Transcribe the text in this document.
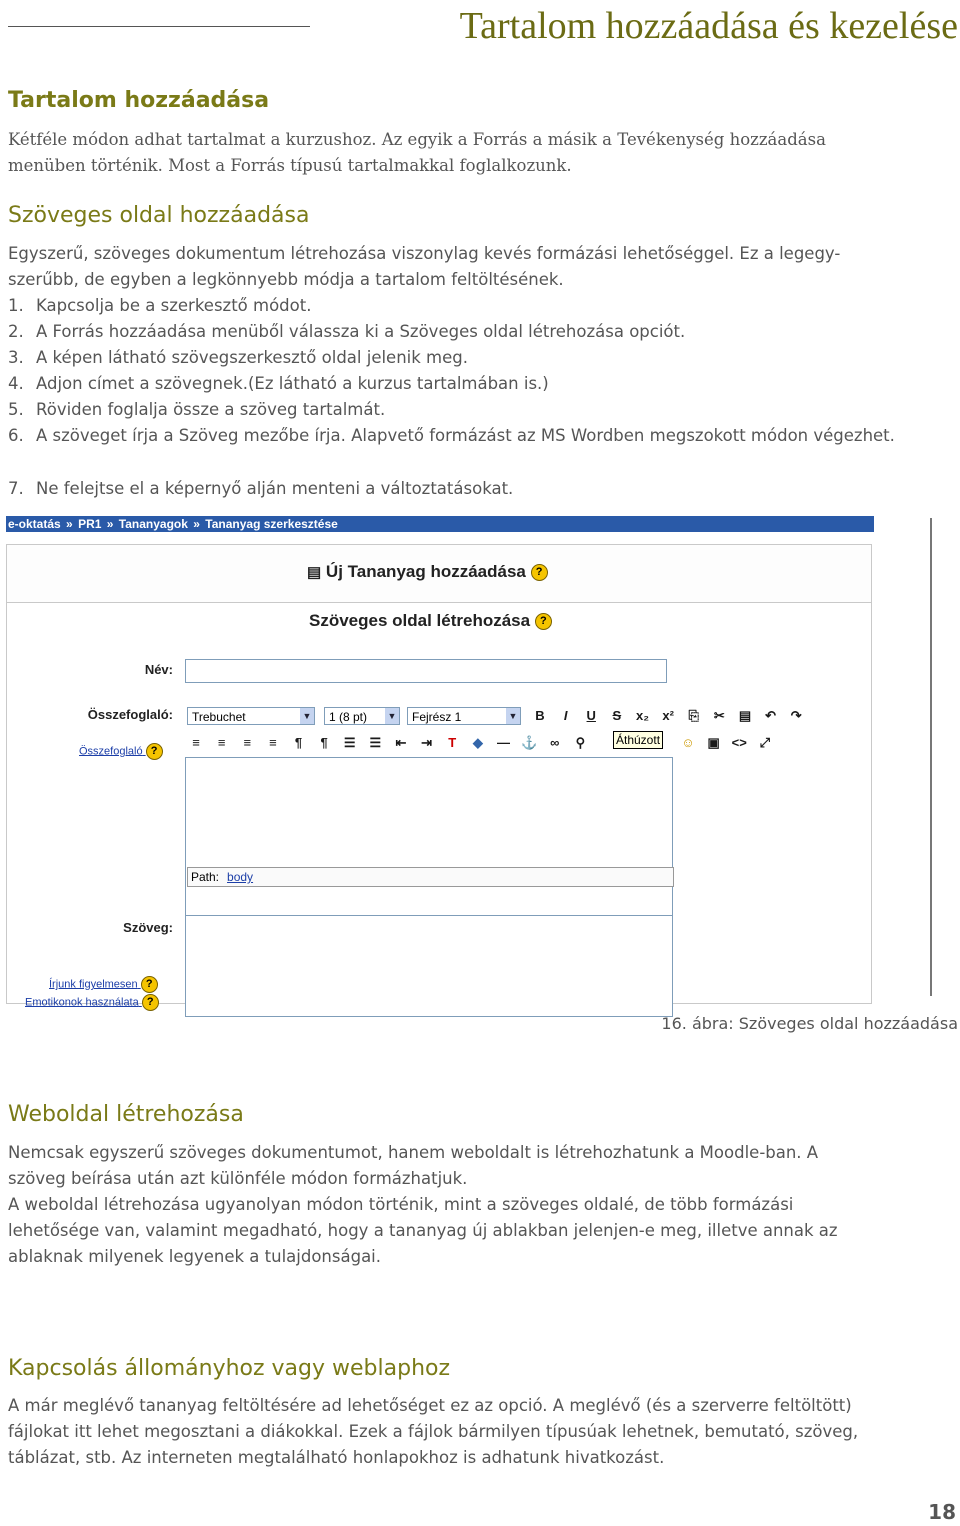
Tartalom hozzáadása és kezelése
Tartalom hozzáadása
Kétféle módon adhat tartalmat a kurzushoz. Az egyik a Forrás a másik a Tevékenység hozzáadása
menüben történik. Most a Forrás típusú tartalmakkal foglalkozunk.
Szöveges oldal hozzáadása
Egyszerű, szöveges dokumentum létrehozása viszonylag kevés formázási lehetőséggel. Ez a legegy-
szerűbb, de egyben a legkönnyebb módja a tartalom feltöltésének.
1. Kapcsolja be a szerkesztő módot.
2. A Forrás hozzáadása menüből válassza ki a Szöveges oldal létrehozása opciót.
3. A képen látható szövegszerkesztő oldal jelenik meg.
4. Adjon címet a szövegnek.(Ez látható a kurzus tartalmában is.)
5. Röviden foglalja össze a szöveg tartalmát.
6. A szöveget írja a Szöveg mezőbe írja. Alapvető formázást az MS Wordben megszokott módon végezhet.
7. Ne felejtse el a képernyő alján menteni a változtatásokat.
e-oktatás » PR1 » Tananyagok » Tananyag szerkesztése
▤ Új Tananyag hozzáadása ?
Szöveges oldal létrehozása ?
Név:
Összefoglaló:
Összefoglaló ?
Trebuchet	▼	1 (8 pt) ▼	Fejrész 1	▼	B I U S x₂ x² ⎘ ✂ ▤ ↶ ↷
≡ ≡ ≡ ≡ ¶ ¶ ☰ ☰ ⇤ ⇥ T ◆ — ⚓ ∞ ⚲	☺ ▣ <> ⤢
Áthúzott
Path: body
Szöveg:
Írjunk figyelmesen ?
Emotikonok használata ?
16. ábra: Szöveges oldal hozzáadása
Weboldal létrehozása
Nemcsak egyszerű szöveges dokumentumot, hanem weboldalt is létrehozhatunk a Moodle-ban. A
szöveg beírása után azt különféle módon formázhatjuk.
A weboldal létrehozása ugyanolyan módon történik, mint a szöveges oldalé, de több formázási
lehetősége van, valamint megadható, hogy a tananyag új ablakban jelenjen-e meg, illetve annak az
ablaknak milyenek legyenek a tulajdonságai.
Kapcsolás állományhoz vagy weblaphoz
A már meglévő tananyag feltöltésére ad lehetőséget ez az opció. A meglévő (és a szerverre feltöltött)
fájlokat itt lehet megosztani a diákokkal. Ezek a fájlok bármilyen típusúak lehetnek, bemutató, szöveg,
táblázat, stb. Az interneten megtalálható honlapokhoz is adhatunk hivatkozást.
18
